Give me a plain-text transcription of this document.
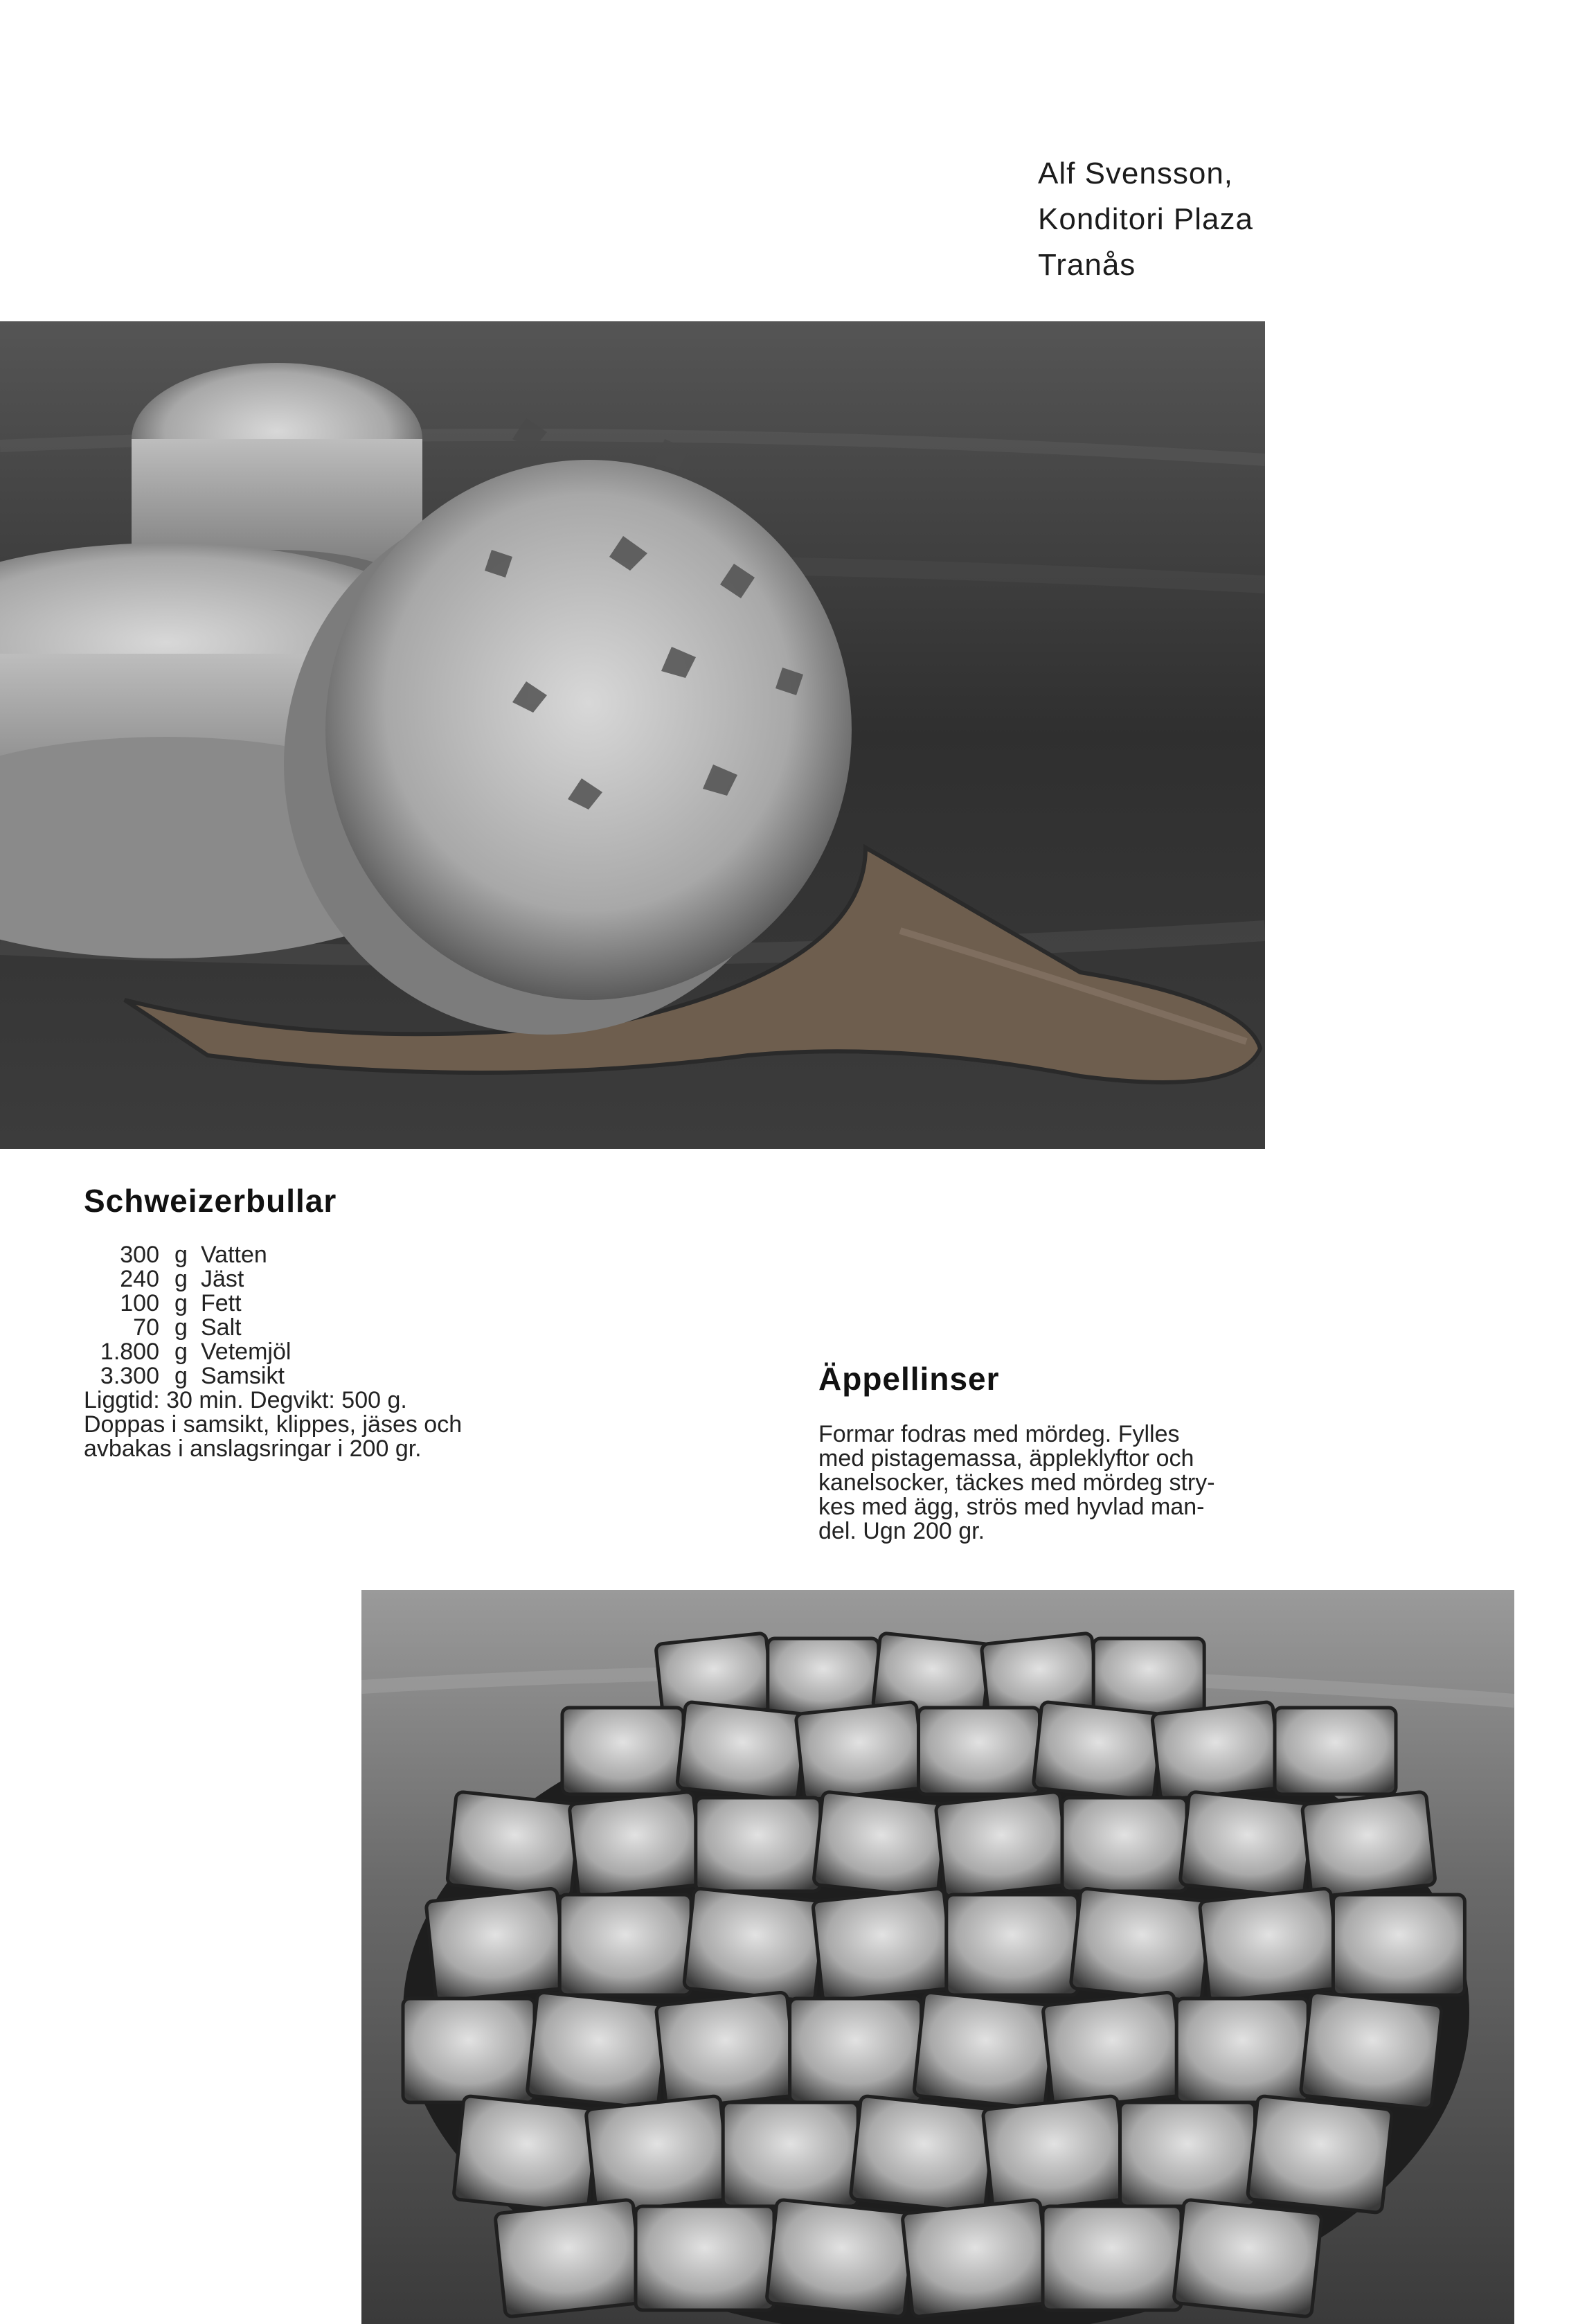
Alf Svensson,
Konditori Plaza
Tranås
Schweizerbullar
300 g Vatten
240 g Jäst
100 g Fett
70 g Salt
1.800 g Vetemjöl
3.300 g Samsikt
Liggtid: 30 min. Degvikt: 500 g.
Doppas i samsikt, klippes, jäses och
avbakas i anslagsringar i 200 gr.
Äppellinser
Formar fodras med mördeg. Fylles
med pistagemassa, äppleklyftor och
kanelsocker, täckes med mördeg stry-
kes med ägg, strös med hyvlad man-
del. Ugn 200 gr.
